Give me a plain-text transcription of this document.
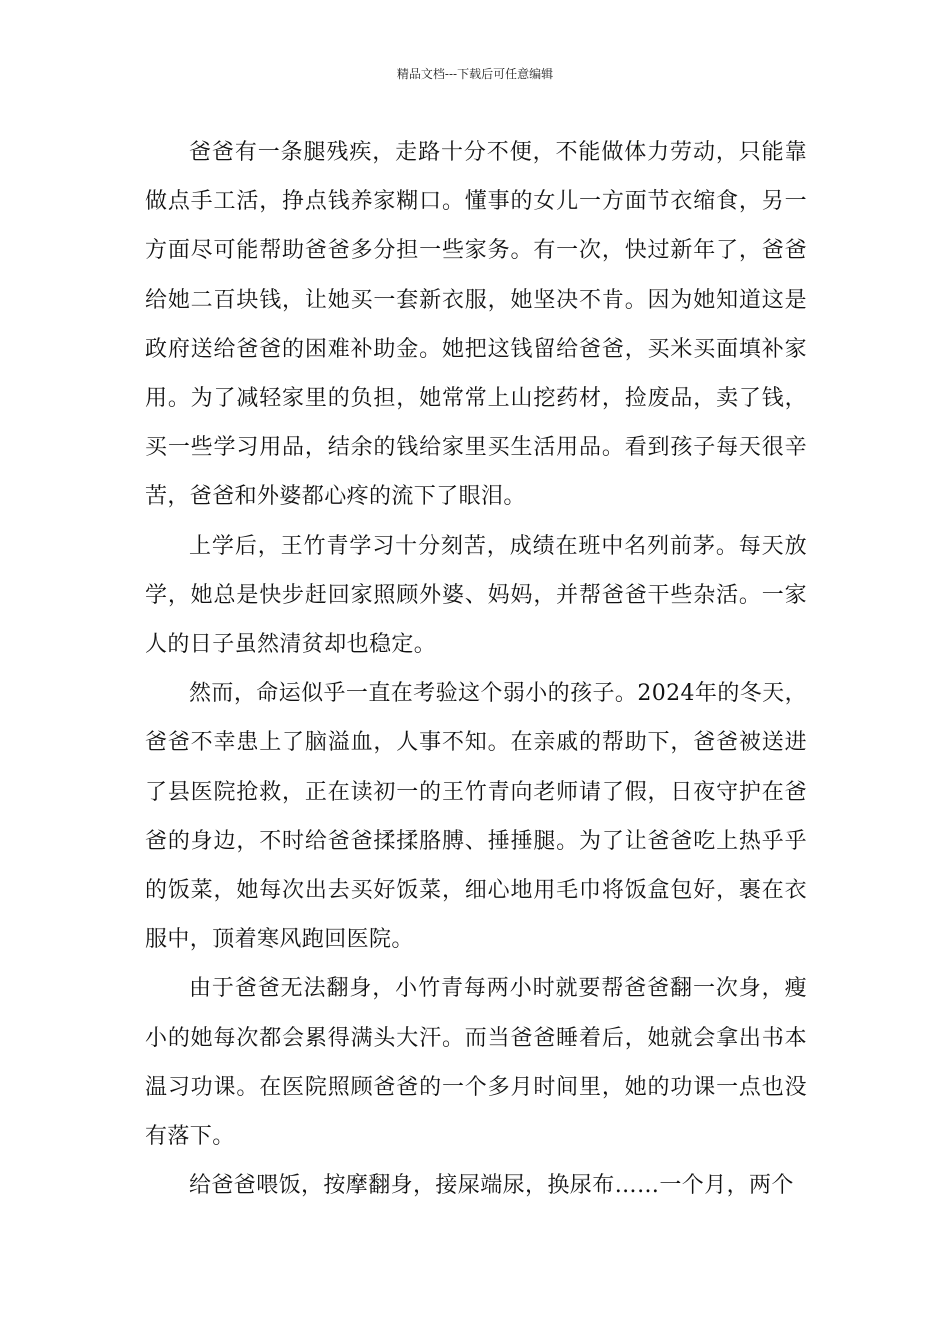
精品文档---下载后可任意编辑

爸爸有一条腿残疾，走路十分不便，不能做体力劳动，只能靠做点手工活，挣点钱养家糊口。懂事的女儿一方面节衣缩食，另一方面尽可能帮助爸爸多分担一些家务。有一次，快过新年了，爸爸给她二百块钱，让她买一套新衣服，她坚决不肯。因为她知道这是政府送给爸爸的困难补助金。她把这钱留给爸爸，买米买面填补家用。为了减轻家里的负担，她常常上山挖药材，捡废品，卖了钱，买一些学习用品，结余的钱给家里买生活用品。看到孩子每天很辛苦，爸爸和外婆都心疼的流下了眼泪。

上学后，王竹青学习十分刻苦，成绩在班中名列前茅。每天放学，她总是快步赶回家照顾外婆、妈妈，并帮爸爸干些杂活。一家人的日子虽然清贫却也稳定。

然而，命运似乎一直在考验这个弱小的孩子。2024年的冬天，爸爸不幸患上了脑溢血，人事不知。在亲戚的帮助下，爸爸被送进了县医院抢救，正在读初一的王竹青向老师请了假，日夜守护在爸爸的身边，不时给爸爸揉揉胳膊、捶捶腿。为了让爸爸吃上热乎乎的饭菜，她每次出去买好饭菜，细心地用毛巾将饭盒包好，裹在衣服中，顶着寒风跑回医院。

由于爸爸无法翻身，小竹青每两小时就要帮爸爸翻一次身，瘦小的她每次都会累得满头大汗。而当爸爸睡着后，她就会拿出书本温习功课。在医院照顾爸爸的一个多月时间里，她的功课一点也没有落下。

给爸爸喂饭，按摩翻身，接屎端尿，换尿布……一个月，两个
